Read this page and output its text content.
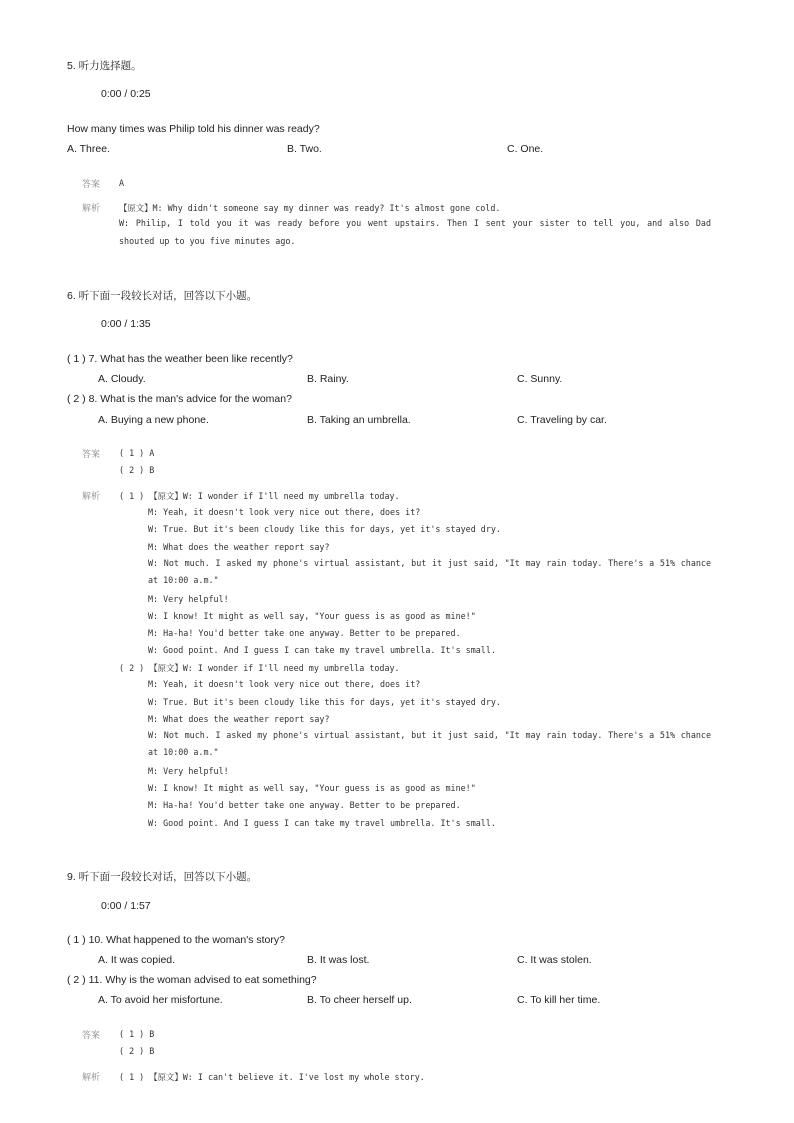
5. 听力选择题。
0:00 / 0:25
How many times was Philip told his dinner was ready?
A. Three.	B. Two.	C. One.
答案 A
解析 【原文】M: Why didn't someone say my dinner was ready? It's almost gone cold.
W: Philip, I told you it was ready before you went upstairs. Then I sent your sister to tell you, and also Dad shouted up to you five minutes ago.
6. 听下面一段较长对话，回答以下小题。
0:00 / 1:35
( 1 ) 7. What has the weather been like recently?
A. Cloudy.	B. Rainy.	C. Sunny.
( 2 ) 8. What is the man's advice for the woman?
A. Buying a new phone.	B. Taking an umbrella.	C. Traveling by car.
答案 ( 1 ) A
( 2 ) B
解析 ( 1 ) 【原文】W: I wonder if I'll need my umbrella today.
M: Yeah, it doesn't look very nice out there, does it?
W: True. But it's been cloudy like this for days, yet it's stayed dry.
M: What does the weather report say?
W: Not much. I asked my phone's virtual assistant, but it just said, "It may rain today. There's a 51% chance at 10:00 a.m."
M: Very helpful!
W: I know! It might as well say, "Your guess is as good as mine!"
M: Ha-ha! You'd better take one anyway. Better to be prepared.
W: Good point. And I guess I can take my travel umbrella. It's small.
( 2 ) 【原文】W: I wonder if I'll need my umbrella today.
M: Yeah, it doesn't look very nice out there, does it?
W: True. But it's been cloudy like this for days, yet it's stayed dry.
M: What does the weather report say?
W: Not much. I asked my phone's virtual assistant, but it just said, "It may rain today. There's a 51% chance at 10:00 a.m."
M: Very helpful!
W: I know! It might as well say, "Your guess is as good as mine!"
M: Ha-ha! You'd better take one anyway. Better to be prepared.
W: Good point. And I guess I can take my travel umbrella. It's small.
9. 听下面一段较长对话，回答以下小题。
0:00 / 1:57
( 1 ) 10. What happened to the woman's story?
A. It was copied.	B. It was lost.	C. It was stolen.
( 2 ) 11. Why is the woman advised to eat something?
A. To avoid her misfortune.	B. To cheer herself up.	C. To kill her time.
答案 ( 1 ) B
( 2 ) B
解析 ( 1 ) 【原文】W: I can't believe it. I've lost my whole story.
